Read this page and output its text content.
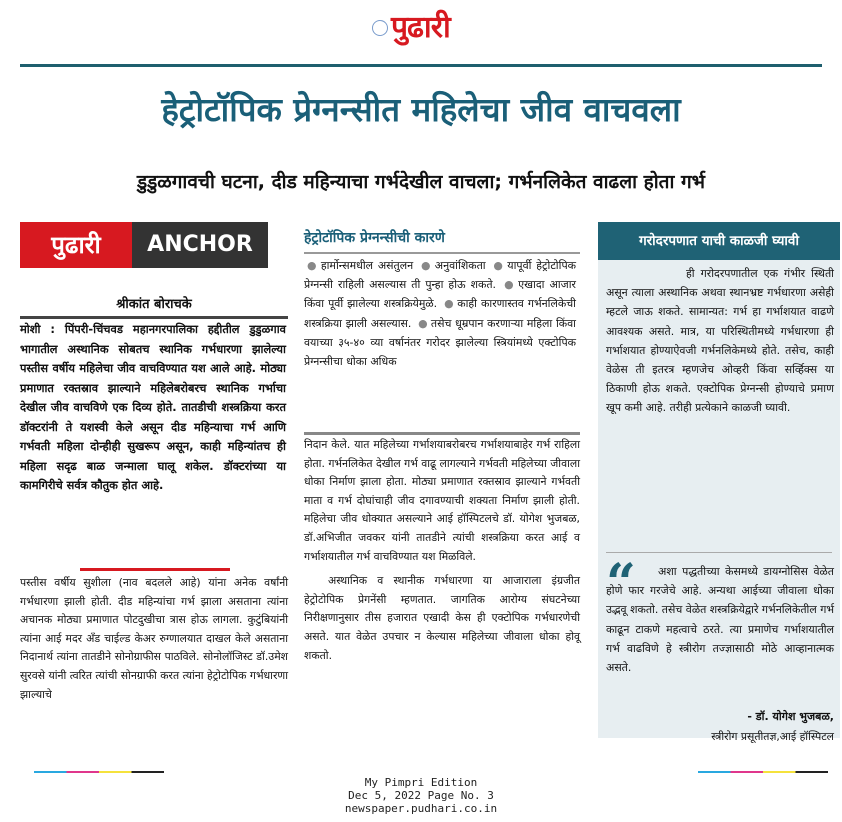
पुढारी
हेट्रोटॉपिक प्रेग्नन्सीत महिलेचा जीव वाचवला
डुडुळगावची घटना, दीड महिन्याचा गर्भदेखील वाचला; गर्भनलिकेत वाढला होता गर्भ
पुढारी	ANCHOR
श्रीकांत बोराचके
मोशी : पिंपरी-चिंचवड महानगरपालिका हद्दीतील डुडुळगाव भागातील अस्थानिक सोबतच स्थानिक गर्भधारणा झालेल्या पस्तीस वर्षीय महिलेचा जीव वाचविण्यात यश आले आहे. मोठ्या प्रमाणात रक्तस्राव झाल्याने महिलेबरोबरच स्थानिक गर्भाचा देखील जीव वाचविणे एक दिव्य होते. तातडीची शस्त्रक्रिया करत डॉक्टरांनी ते यशस्वी केले असून दीड महिन्याचा गर्भ आणि गर्भवती महिला दोन्हीही सुखरूप असून, काही महिन्यांतच ही महिला सदृढ बाळ जन्माला घालू शकेल. डॉक्टरांच्या या कामगिरीचे सर्वत्र कौतुक होत आहे.
पस्तीस वर्षीय सुशीला (नाव बदलले आहे) यांना अनेक वर्षांनी गर्भधारणा झाली होती. दीड महिन्यांचा गर्भ झाला असताना त्यांना अचानक मोठ्या प्रमाणात पोटदुखीचा त्रास होऊ लागला. कुटुंबियांनी त्यांना आई मदर अँड चाईल्ड केअर रुग्णालयात दाखल केले असताना निदानार्थ त्यांना तातडीने सोनोग्राफीस पाठविले. सोनोलॉजिस्ट डॉ.उमेश सुरवसे यांनी त्वरित त्यांची सोनग्राफी करत त्यांना हेट्रोटोपिक गर्भधारणा झाल्याचे
हेट्रोटॉपिक प्रेग्नन्सीची कारणे
● हार्मोन्समधील असंतुलन ● अनुवांशिकता ● यापूर्वी हेट्रोटोपिक प्रेग्नन्सी राहिली असल्यास ती पुन्हा होऊ शकते. ● एखादा आजार किंवा पूर्वी झालेल्या शस्त्रक्रियेमुळे. ● काही कारणास्तव गर्भनलिकेची शस्त्रक्रिया झाली असल्यास. ● तसेच धूम्रपान करणाऱ्या महिला किंवा वयाच्या ३५-४० व्या वर्षानंतर गरोदर झालेल्या स्त्रियांमध्ये एक्टोपिक प्रेग्नन्सीचा धोका अधिक
निदान केले. यात महिलेच्या गर्भाशयाबरोबरच गर्भाशयाबाहेर गर्भ राहिला होता. गर्भनलिकेत देखील गर्भ वाढू लागल्याने गर्भवती महिलेच्या जीवाला धोका निर्माण झाला होता. मोठ्या प्रमाणात रक्तस्राव झाल्याने गर्भवती माता व गर्भ दोघांचाही जीव दगावण्याची शक्यता निर्माण झाली होती. महिलेचा जीव धोक्यात असल्याने आई हॉस्पिटलचे डॉ. योगेश भुजबळ, डॉ.अभिजीत जवकर यांनी तातडीने त्यांची शस्त्रक्रिया करत आई व गर्भाशयातील गर्भ वाचविण्यात यश मिळविले.
अस्थानिक व स्थानीक गर्भधारणा या आजाराला इंग्रजीत हेट्रोटोपिक प्रेगनेंसी म्हणतात. जागतिक आरोग्य संघटनेच्या निरीक्षणानुसार तीस हजारात एखादी केस ही एक्टोपिक गर्भधारणेची असते. यात वेळेत उपचार न केल्यास महिलेच्या जीवाला धोका होवू शकतो.
गरोदरपणात याची काळजी घ्यावी
ही गरोदरपणातील एक गंभीर स्थिती असून त्याला अस्थानिक अथवा स्थानभ्रष्ट गर्भधारणा असेही म्हटले जाऊ शकते. सामान्यत: गर्भ हा गर्भाशयात वाढणे आवश्यक असते. मात्र, या परिस्थितीमध्ये गर्भधारणा ही गर्भाशयात होण्याऐवजी गर्भनलिकेमध्ये होते. तसेच, काही वेळेस ती इतरत्र म्हणजेच ओव्हरी किंवा सर्व्हिक्स या ठिकाणी होऊ शकते. एक्टोपिक प्रेग्नन्सी होण्याचे प्रमाण खूप कमी आहे. तरीही प्रत्येकाने काळजी घ्यावी.
“	अशा पद्धतीच्या केसमध्ये डायग्नोसिस वेळेत होणे फार गरजेचे आहे. अन्यथा आईच्या जीवाला धोका उद्भवू शकतो. तसेच वेळेत शस्त्रक्रियेद्वारे गर्भनलिकेतील गर्भ काढून टाकणे महत्वाचे ठरते. त्या प्रमाणेच गर्भाशयातील गर्भ वाढविणे हे स्त्रीरोग तज्ज्ञासाठी मोठे आव्हानात्मक असते.
- डॉ. योगेश भुजबळ,
स्त्रीरोग प्रसूतीतज्ञ,आई हॉस्पिटल
My Pimpri Edition
Dec 5, 2022 Page No. 3
newspaper.pudhari.co.in
